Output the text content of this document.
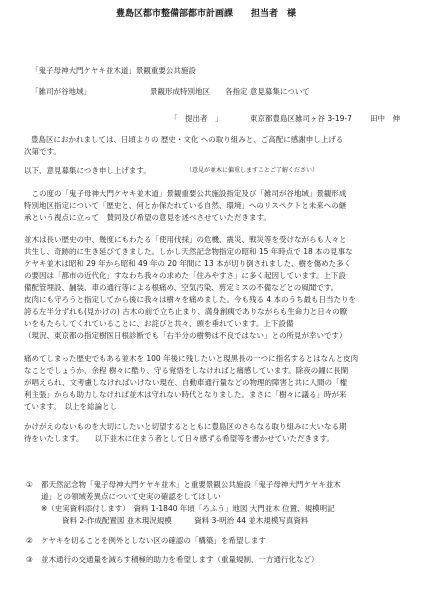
豊島区都市整備部都市計画課　　担当者　様
「鬼子母神大門ケヤキ並木道」景観重要公共施設
「雑司が谷地域」	景観形成特別地区　　各指定 意見募集について
「　提出者　」	東京都豊島区雑司ヶ谷 3-19-7 田中　伸
豊島区におかれましては、日頃よりの 歴史・文化 への取り組みと、ご高配に感謝申し上げる
次第です。
以下、意見募集につき申し上げます。	（意見が並木に偏重しますことご了解ください）
　この度の「鬼子母神大門ケヤキ並木道」景観重要公共施設指定及び「雑司が谷地域」景観形成
特別地区指定について「歴史と、何とか保たれている自然、環境」へのリスペクトと未来への継
承という視点に立って　賛同及び希望の意見を述べさせていただきます。
並木は長い歴史の中、幾度にもわたる「使用伐採」の危機、震災、戦災等を受けながらも人々と
共生し、奇跡的に生き延びてきました。しかし天然記念物指定の昭和 15 年時点で 18 本の見事な
ケヤキ並木は昭和 29 年から昭和 49 年の 20 年間に 13 本が切り倒されました、樹を傷めた多く
の要因は「都市の近代化」すなわち我々の求めた「住みやすさ」に多く起因しています。上下設
備配管埋設、舗装、車の通行等による根痛め、空気汚染、剪定ミスの不備などとの風聞です。
皮肉にも守ろうと指定してから後に我々は樹々を痛めました。今も残る 4 本のうち最も日当たりを
誇る左半分ずれも(見かけの) 古木の前で立ち止まり、満身創痍でありながらも生命力と日々の瞭
いをもたらしてくれていることに、お詫びと共々、頭を垂れています。上下設備
（現況、東京都の指定樹医日根診断でも「右半分の樹勢は不良ではない」との所見が幸いです）
痛めてしまった歴史でもある並木を 100 年後に残したいと現黒長の一つに指名するとはなんと皮肉
なことでしょうか、余程 樹々に酷り、守る覚悟をしなければと痛感しています。除夜の鐘に長閑
が唱えられ、文考慮しなければいけない現在、自動車通行量などの物理的障害と共に人間の「権
利主張」からも助力しなければ並木は守れない時代となりました。まさに「樹々に議る」時が来
ています。　以上を総論とし
かけがえのないものを大切にしたいと切望するとともに豊島区のさらなる取り組みに大いなる期
待をいたします。　　以下並木に住まう者として日々感ずる希望等を書かせていただきます。
① 都天然記念物「鬼子母神大門ケヤキ並木」と重要景観公共施設「鬼子母神大門ケヤキ並木
道」との領域差異点について史実の確認をしてほしい
※（史実資料添付します）　資料 1-1840 年頃「ろふう」地図 大門並木 位置、規模明記
資料 2-作成配置図 並木現況規模　　　資料 3-明治 44 並木規模写真資料
② ケヤキを切ることを例外としない区の確認の「構築」を希望します
③ 並木通行の交通量を減らす積極的助力を希望します（重量規制、一方通行化など）
